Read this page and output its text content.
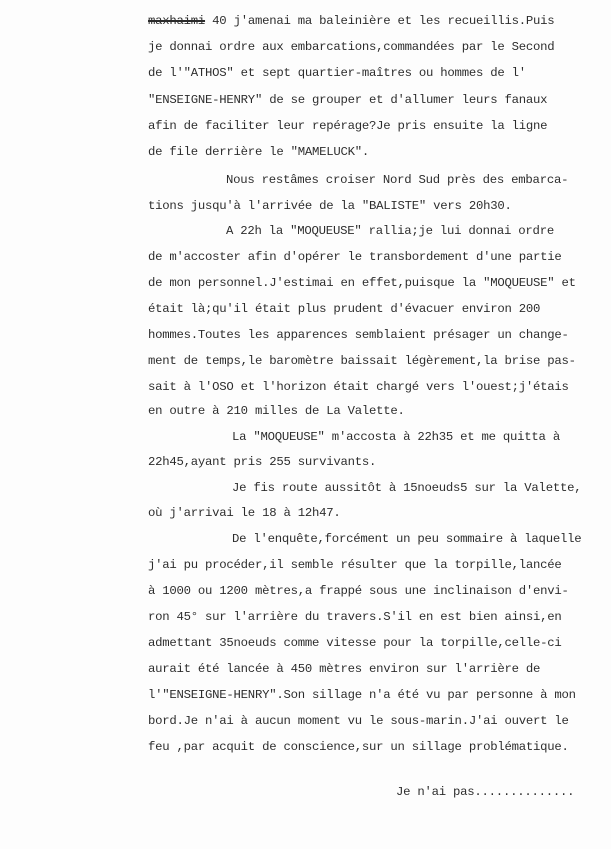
maxhaimi 40 j'amenai ma baleinière et les recueillis.Puis
je donnai ordre aux embarcations,commandées par le Second
de l'"ATHOS" et sept quartier-maîtres ou hommes de l'
"ENSEIGNE-HENRY" de se grouper et d'allumer leurs fanaux
afin de faciliter leur repérage?Je pris ensuite la ligne
de file derrière le "MAMELUCK".
Nous restâmes croiser Nord Sud près des embarca-
tions jusqu'à l'arrivée de la "BALISTE" vers 20h30.
A 22h la "MOQUEUSE" rallia;je lui donnai ordre
de m'accoster afin d'opérer le transbordement d'une partie
de mon personnel.J'estimai en effet,puisque la "MOQUEUSE" et
était là;qu'il était plus prudent d'évacuer environ 200
hommes.Toutes les apparences semblaient présager un change-
ment de temps,le baromètre baissait légèrement,la brise pas-
sait à l'OSO et l'horizon était chargé vers l'ouest;j'étais
en outre à 210 milles de La Valette.
La "MOQUEUSE" m'accosta à 22h35 et me quitta à
22h45,ayant pris 255 survivants.
Je fis route aussitôt à 15noeuds5 sur la Valette,
où j'arrivai le 18 à 12h47.
De l'enquête,forcément un peu sommaire à laquelle
j'ai pu procéder,il semble résulter que la torpille,lancée
à 1000 ou 1200 mètres,a frappé sous une inclinaison d'envi-
ron 45° sur l'arrière du travers.S'il en est bien ainsi,en
admettant 35noeuds comme vitesse pour la torpille,celle-ci
aurait été lancée à 450 mètres environ sur l'arrière de
l'"ENSEIGNE-HENRY".Son sillage n'a été vu par personne à mon
bord.Je n'ai à aucun moment vu le sous-marin.J'ai ouvert le
feu ,par acquit de conscience,sur un sillage problématique.
Je n'ai pas..............
